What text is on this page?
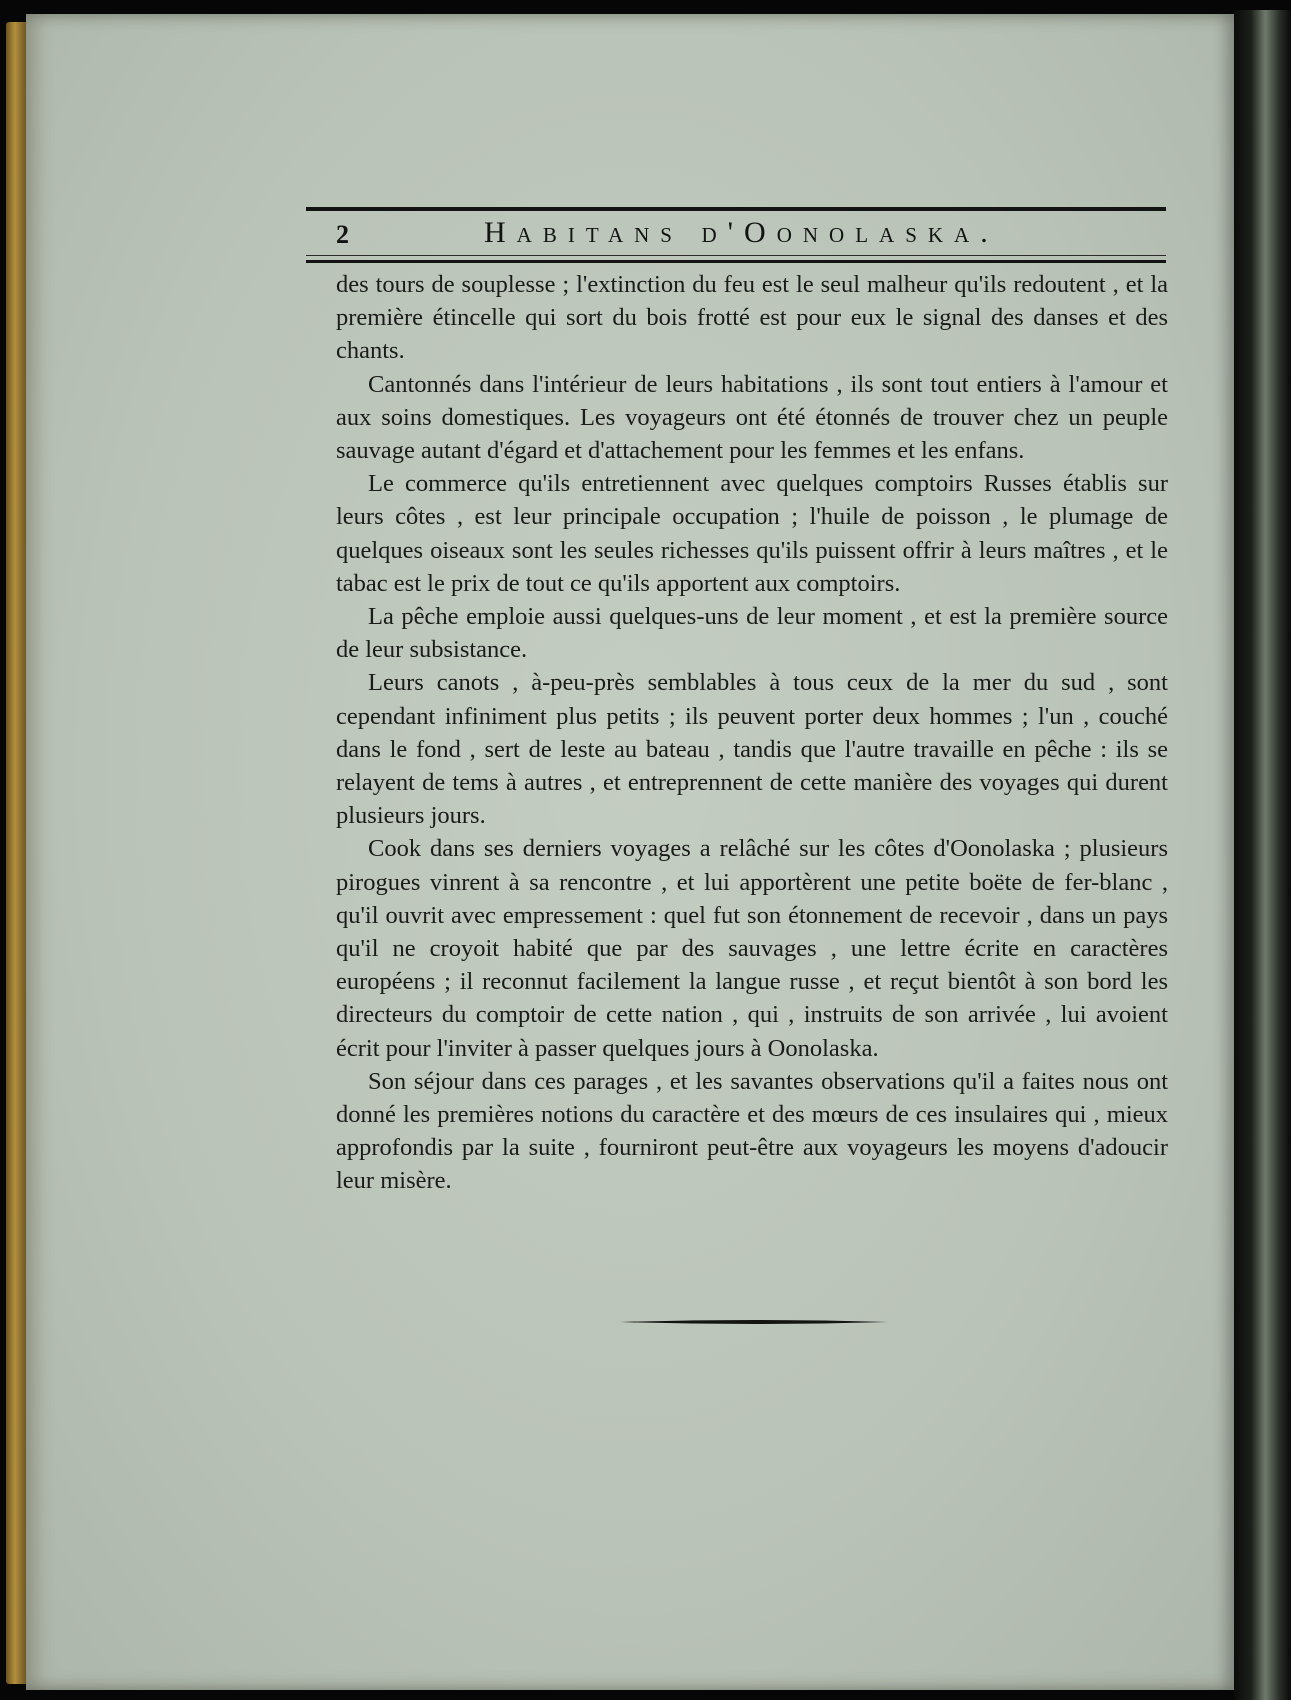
2	Habitans d'Oonolaska.

des tours de souplesse ; l'extinction du feu est le seul malheur qu'ils redoutent , et la première étincelle qui sort du bois frotté est pour eux le signal des danses et des chants.

Cantonnés dans l'intérieur de leurs habitations , ils sont tout entiers à l'amour et aux soins domestiques. Les voyageurs ont été étonnés de trouver chez un peuple sauvage autant d'égard et d'attachement pour les femmes et les enfans.

Le commerce qu'ils entretiennent avec quelques comptoirs Russes établis sur leurs côtes , est leur principale occupation ; l'huile de poisson , le plumage de quelques oiseaux sont les seules richesses qu'ils puissent offrir à leurs maîtres , et le tabac est le prix de tout ce qu'ils apportent aux comptoirs.

La pêche emploie aussi quelques-uns de leur moment , et est la première source de leur subsistance.

Leurs canots , à-peu-près semblables à tous ceux de la mer du sud , sont cependant infiniment plus petits ; ils peuvent porter deux hommes ; l'un , couché dans le fond , sert de leste au bateau , tandis que l'autre travaille en pêche : ils se relayent de tems à autres , et entreprennent de cette manière des voyages qui durent plusieurs jours.

Cook dans ses derniers voyages a relâché sur les côtes d'Oonolaska ; plusieurs pirogues vinrent à sa rencontre , et lui apportèrent une petite boëte de fer-blanc , qu'il ouvrit avec empressement : quel fut son étonnement de recevoir , dans un pays qu'il ne croyoit habité que par des sauvages , une lettre écrite en caractères européens ; il reconnut facilement la langue russe , et reçut bientôt à son bord les directeurs du comptoir de cette nation , qui , instruits de son arrivée , lui avoient écrit pour l'inviter à passer quelques jours à Oonolaska.

Son séjour dans ces parages , et les savantes observations qu'il a faites nous ont donné les premières notions du caractère et des mœurs de ces insulaires qui , mieux approfondis par la suite , fourniront peut-être aux voyageurs les moyens d'adoucir leur misère.
